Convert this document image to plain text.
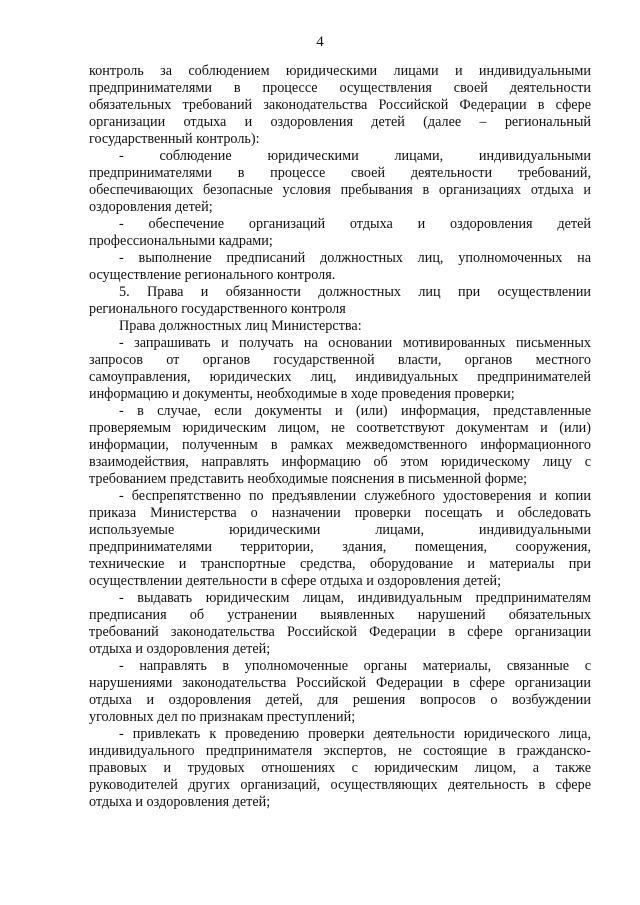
4
контроль за соблюдением юридическими лицами и индивидуальными
предпринимателями в процессе осуществления своей деятельности
обязательных требований законодательства Российской Федерации в сфере
организации отдыха и оздоровления детей (далее – региональный
государственный контроль):
- соблюдение юридическими лицами, индивидуальными
предпринимателями в процессе своей деятельности требований,
обеспечивающих безопасные условия пребывания в организациях отдыха и
оздоровления детей;
- обеспечение организаций отдыха и оздоровления детей
профессиональными кадрами;
- выполнение предписаний должностных лиц, уполномоченных на
осуществление регионального контроля.
5. Права и обязанности должностных лиц при осуществлении
регионального государственного контроля
Права должностных лиц Министерства:
- запрашивать и получать на основании мотивированных письменных
запросов от органов государственной власти, органов местного
самоуправления, юридических лиц, индивидуальных предпринимателей
информацию и документы, необходимые в ходе проведения проверки;
- в случае, если документы и (или) информация, представленные
проверяемым юридическим лицом, не соответствуют документам и (или)
информации, полученным в рамках межведомственного информационного
взаимодействия, направлять информацию об этом юридическому лицу с
требованием представить необходимые пояснения в письменной форме;
- беспрепятственно по предъявлении служебного удостоверения и копии
приказа Министерства о назначении проверки посещать и обследовать
используемые юридическими лицами, индивидуальными
предпринимателями территории, здания, помещения, сооружения,
технические и транспортные средства, оборудование и материалы при
осуществлении деятельности в сфере отдыха и оздоровления детей;
- выдавать юридическим лицам, индивидуальным предпринимателям
предписания об устранении выявленных нарушений обязательных
требований законодательства Российской Федерации в сфере организации
отдыха и оздоровления детей;
- направлять в уполномоченные органы материалы, связанные с
нарушениями законодательства Российской Федерации в сфере организации
отдыха и оздоровления детей, для решения вопросов о возбуждении
уголовных дел по признакам преступлений;
- привлекать к проведению проверки деятельности юридического лица,
индивидуального предпринимателя экспертов, не состоящие в гражданско-
правовых и трудовых отношениях с юридическим лицом, а также
руководителей других организаций, осуществляющих деятельность в сфере
отдыха и оздоровления детей;
